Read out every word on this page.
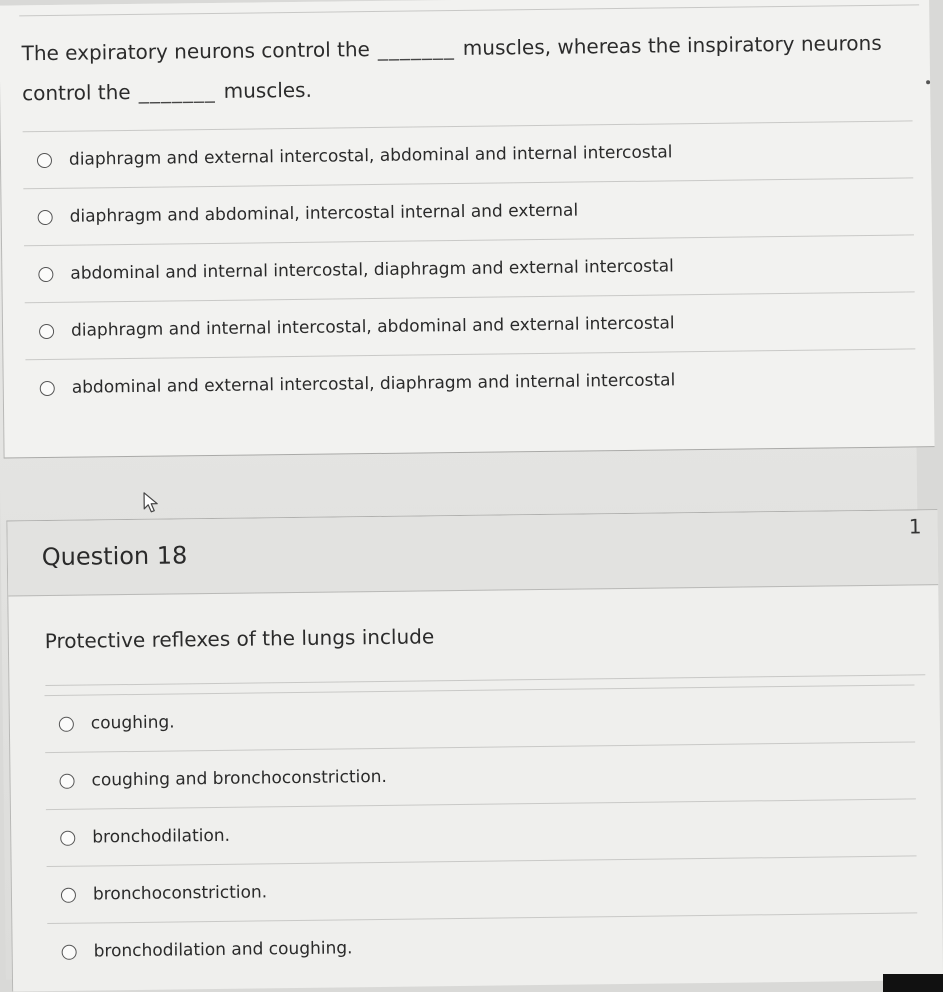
The expiratory neurons control the _______ muscles, whereas the inspiratory neurons
control the _______ muscles.
diaphragm and external intercostal, abdominal and internal intercostal
diaphragm and abdominal, intercostal internal and external
abdominal and internal intercostal, diaphragm and external intercostal
diaphragm and internal intercostal, abdominal and external intercostal
abdominal and external intercostal, diaphragm and internal intercostal
Question 18
1
Protective reflexes of the lungs include
coughing.
coughing and bronchoconstriction.
bronchodilation.
bronchoconstriction.
bronchodilation and coughing.
